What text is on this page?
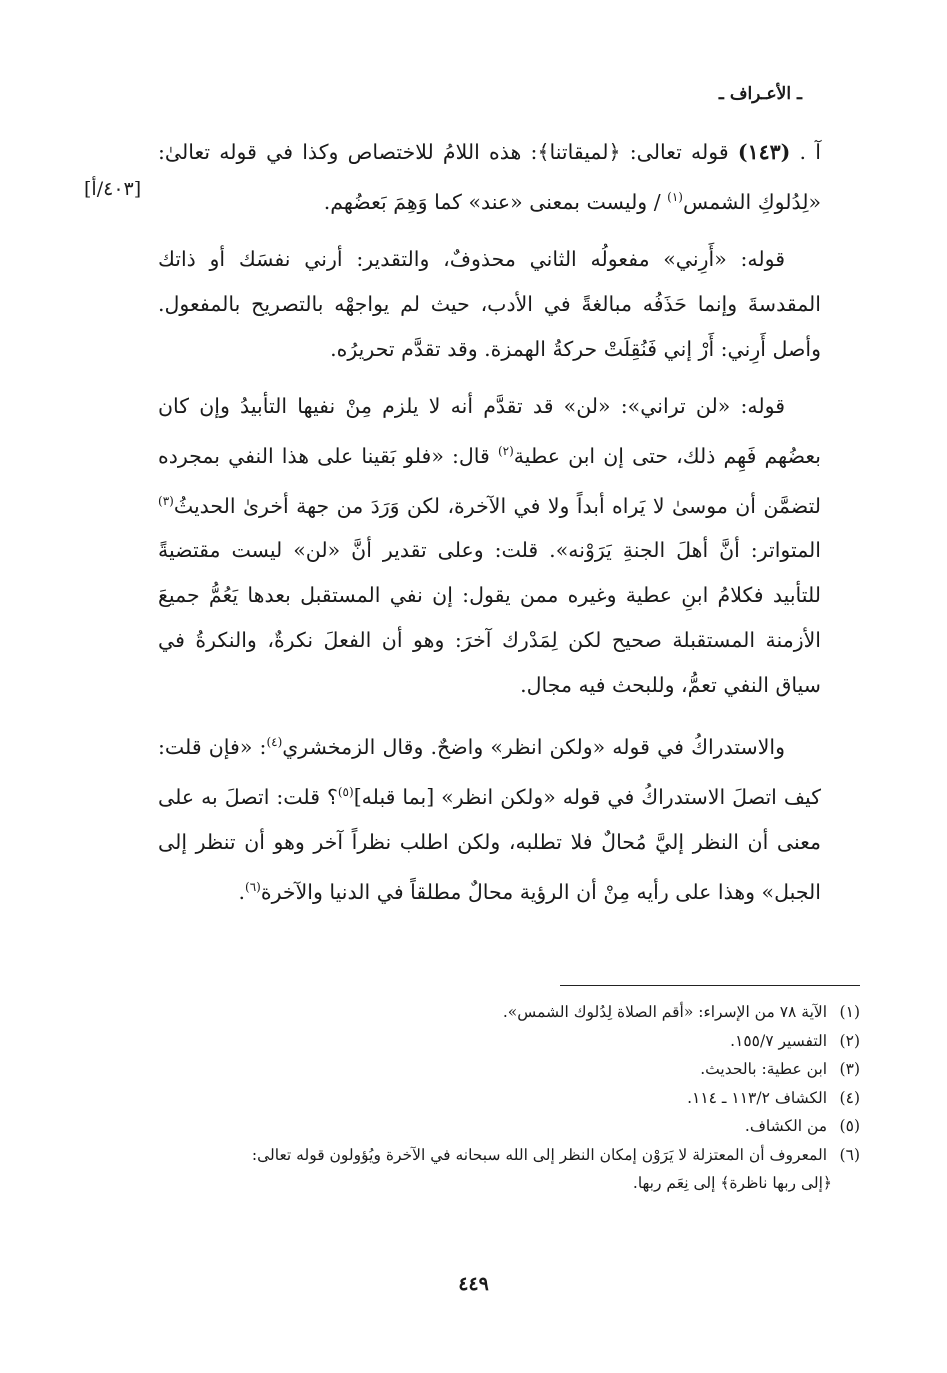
ـ الأعـراف ـ
[٤٠٣/أ]

آ . (١٤٣) قوله تعالى: ﴿لميقاتنا﴾: هذه اللامُ للاختصاص وكذا في قوله تعالىٰ: «لِدُلوكِ الشمس$^{(١)}$ / وليست بمعنى «عند» كما وَهِمَ بَعضُهم.

قوله: «أَرِني» مفعولُه الثاني محذوفٌ، والتقدير: أرني نفسَك أو ذاتك المقدسةَ وإنما حَذَفُه مبالغةً في الأدب، حيث لم يواجهْه بالتصريح بالمفعول. وأصل أَرِني: أَرْ إني فَنُقِلَتْ حركةُ الهمزة. وقد تقدَّم تحريرُه.

قوله: «لن تراني»: «لن» قد تقدَّم أنه لا يلزم مِنْ نفيها التأبيدُ وإن كان بعضُهم فَهِم ذلك، حتى إن ابن عطية$^{(٢)}$ قال: «فلو بَقينا على هذا النفي بمجرده لتضمَّن أن موسىٰ لا يَراه أبداً ولا في الآخرة، لكن وَرَدَ من جهة أخرىٰ الحديثُ$^{(٣)}$ المتواتر: أنَّ أهلَ الجنةِ يَرَوْنه». قلت: وعلى تقدير أنَّ «لن» ليست مقتضيةً للتأبيد فكلامُ ابنِ عطية وغيره ممن يقول: إن نفي المستقبل بعدها يَعُمُّ جميعَ الأزمنة المستقبلة صحيح لكن لِمَدْرك آخرَ: وهو أن الفعلَ نكرةٌ، والنكرةُ في سياق النفي تعمُّ، وللبحث فيه مجال.

والاستدراكُ في قوله «ولكن انظر» واضحٌ. وقال الزمخشري$^{(٤)}$: «فإن قلت: كيف اتصلَ الاستدراكُ في قوله «ولكن انظر» [بما قبله]$^{(٥)}$؟ قلت: اتصلَ به على معنى أن النظر إليَّ مُحالٌ فلا تطلبه، ولكن اطلب نظراً آخر وهو أن تنظر إلى الجبل» وهذا على رأيه مِنْ أن الرؤية محالٌ مطلقاً في الدنيا والآخرة$^{(٦)}$.

(١) الآية ٧٨ من الإسراء: «أقم الصلاة لِدُلوك الشمس».
(٢) التفسير ١٥٥/٧.
(٣) ابن عطية: بالحديث.
(٤) الكشاف ١١٣/٢ ـ ١١٤.
(٥) من الكشاف.
(٦) المعروف أن المعتزلة لا يَرَوْن إمكان النظر إلى الله سبحانه في الآخرة ويُؤولون قوله تعالى:
﴿إلى ربها ناظرة﴾ إلى نِعَم ربها.
٤٤٩
